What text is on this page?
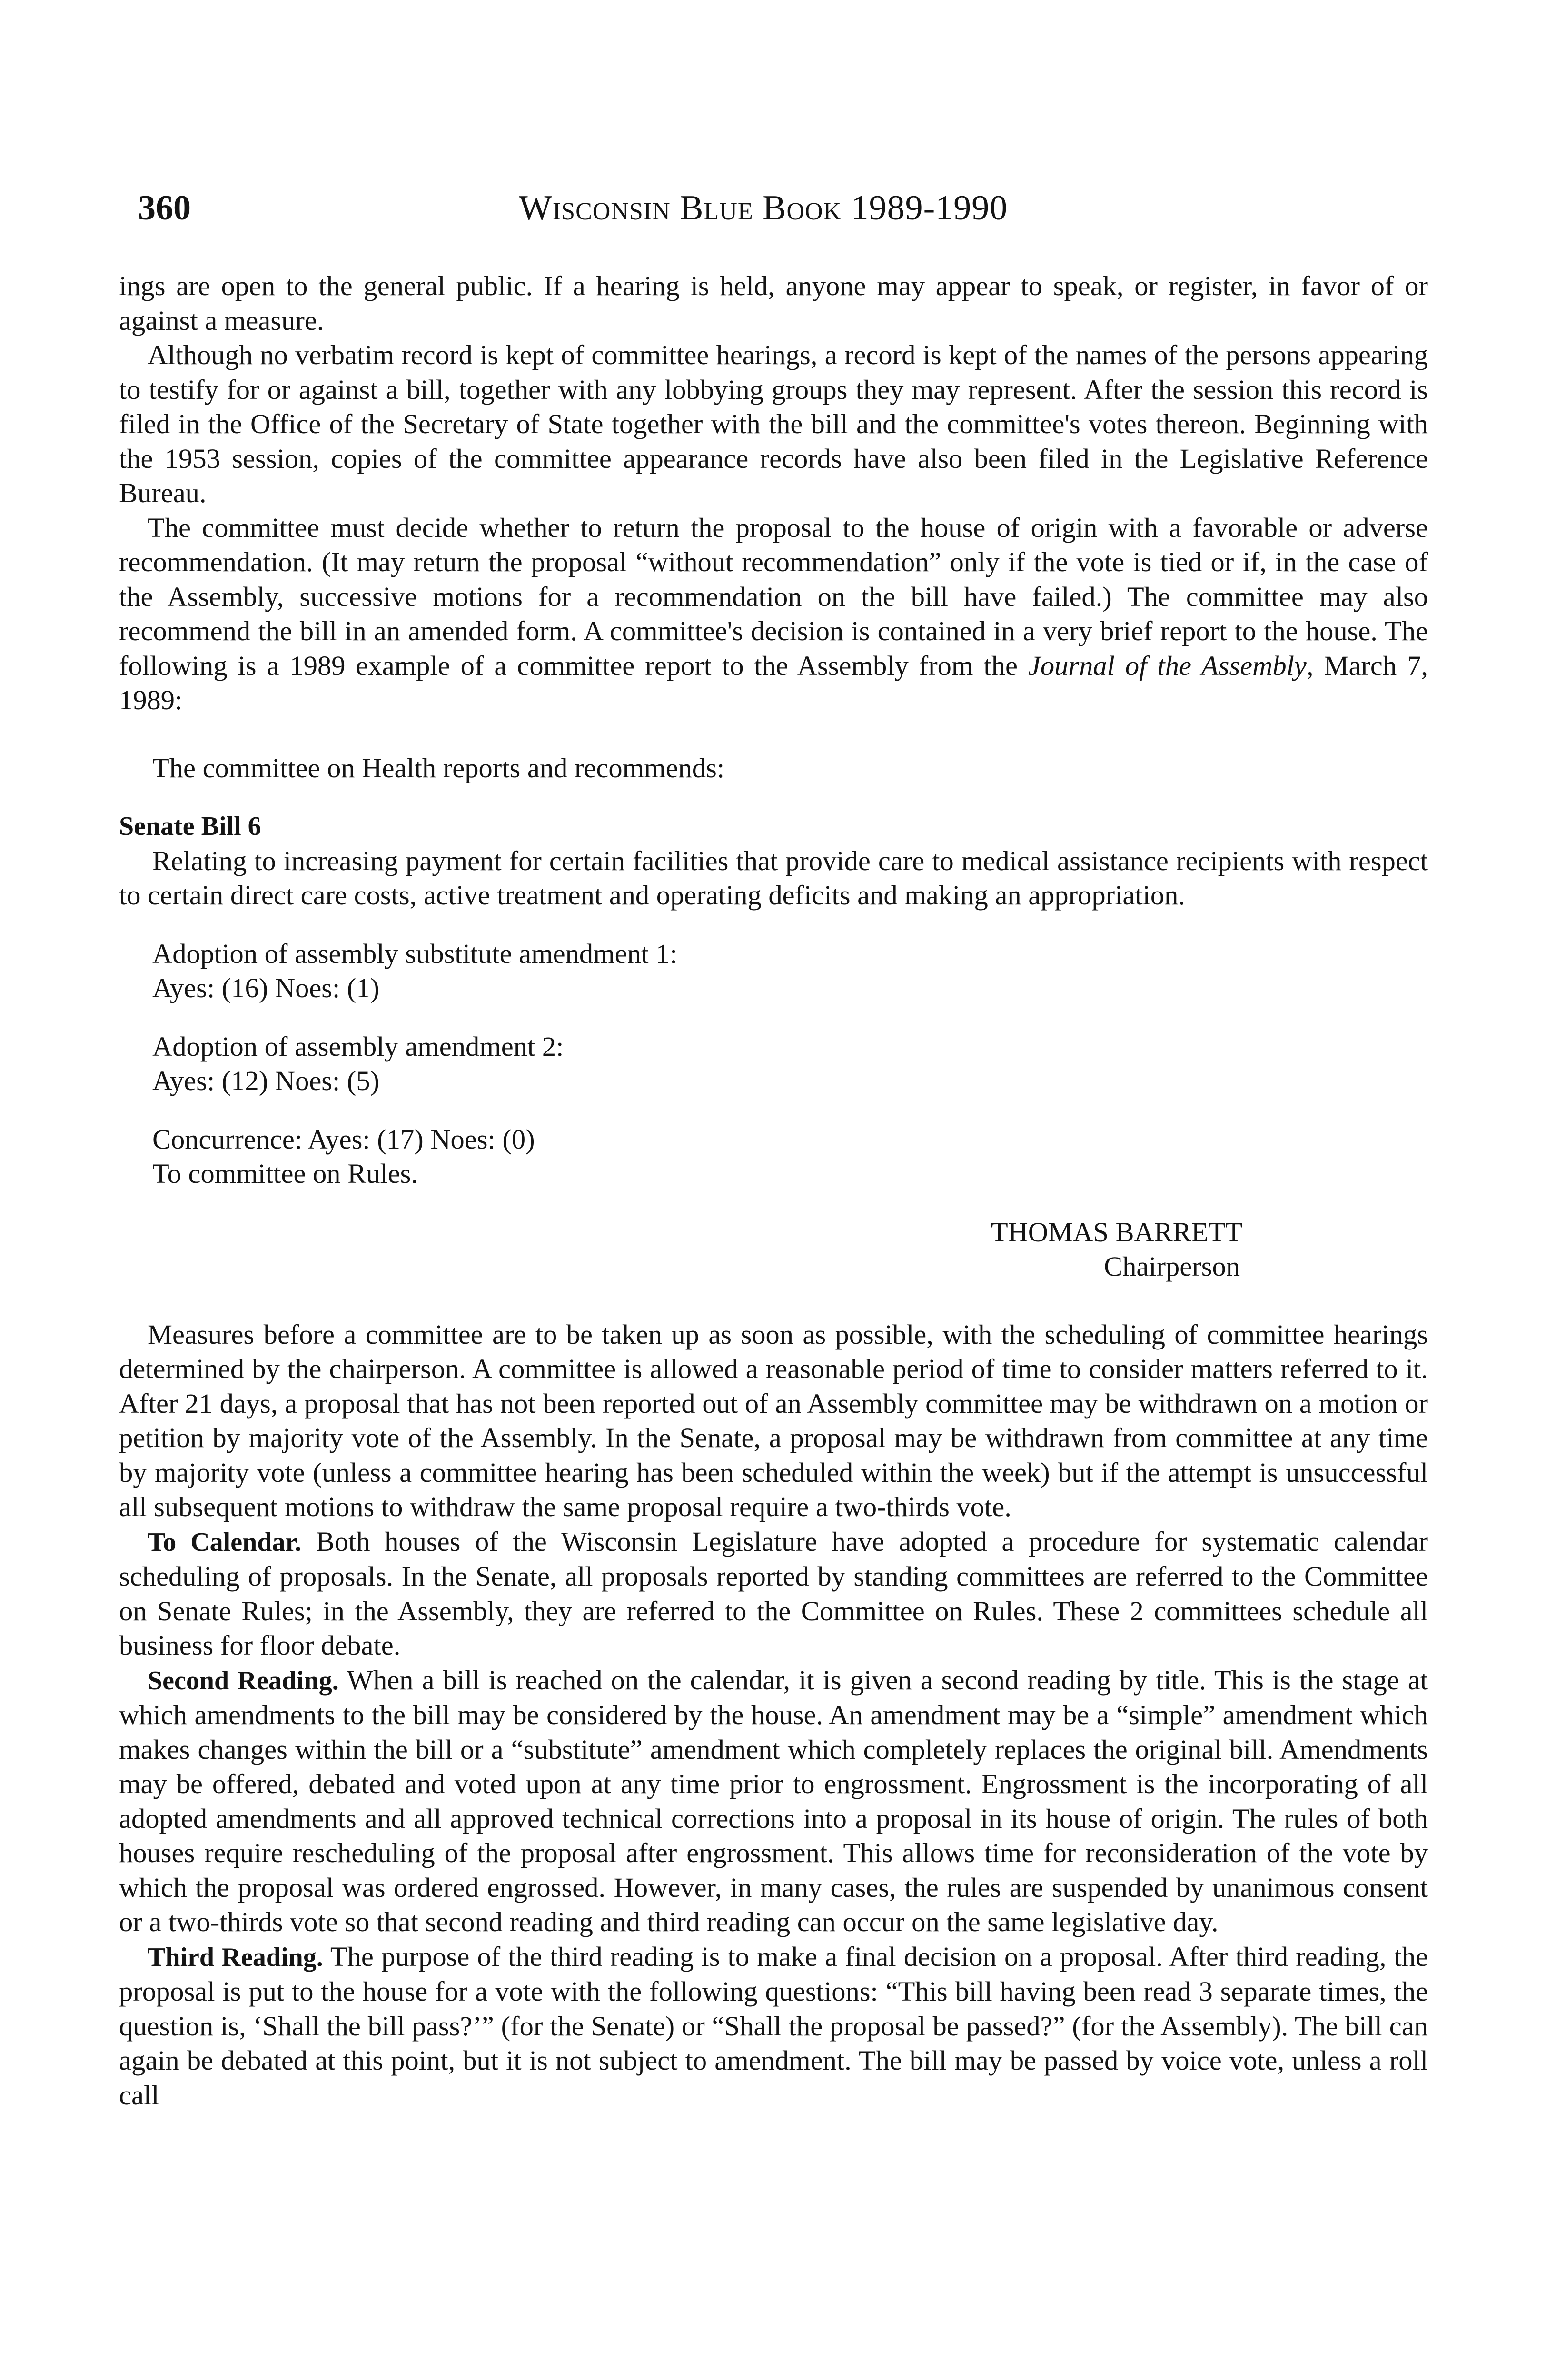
360	Wisconsin Blue Book 1989-1990

ings are open to the general public. If a hearing is held, anyone may appear to speak, or register, in favor of or against a measure.

Although no verbatim record is kept of committee hearings, a record is kept of the names of the persons appearing to testify for or against a bill, together with any lobbying groups they may represent. After the session this record is filed in the Office of the Secretary of State together with the bill and the committee's votes thereon. Beginning with the 1953 session, copies of the committee appearance records have also been filed in the Legislative Reference Bureau.

The committee must decide whether to return the proposal to the house of origin with a favorable or adverse recommendation. (It may return the proposal “without recommendation” only if the vote is tied or if, in the case of the Assembly, successive motions for a recommendation on the bill have failed.) The committee may also recommend the bill in an amended form. A committee's decision is contained in a very brief report to the house. The following is a 1989 example of a committee report to the Assembly from the Journal of the Assembly, March 7, 1989:

The committee on Health reports and recommends:

Senate Bill 6

Relating to increasing payment for certain facilities that provide care to medical assistance recipients with respect to certain direct care costs, active treatment and operating deficits and making an appropriation.

Adoption of assembly substitute amendment 1:

Ayes: (16) Noes: (1)

Adoption of assembly amendment 2:

Ayes: (12) Noes: (5)

Concurrence: Ayes: (17) Noes: (0)

To committee on Rules.

THOMAS BARRETT

Chairperson

Measures before a committee are to be taken up as soon as possible, with the scheduling of committee hearings determined by the chairperson. A committee is allowed a reasonable period of time to consider matters referred to it. After 21 days, a proposal that has not been reported out of an Assembly committee may be withdrawn on a motion or petition by majority vote of the Assembly. In the Senate, a proposal may be withdrawn from committee at any time by majority vote (unless a committee hearing has been scheduled within the week) but if the attempt is unsuccessful all subsequent motions to withdraw the same proposal require a two-thirds vote.

To Calendar. Both houses of the Wisconsin Legislature have adopted a procedure for systematic calendar scheduling of proposals. In the Senate, all proposals reported by standing committees are referred to the Committee on Senate Rules; in the Assembly, they are referred to the Committee on Rules. These 2 committees schedule all business for floor debate.

Second Reading. When a bill is reached on the calendar, it is given a second reading by title. This is the stage at which amendments to the bill may be considered by the house. An amendment may be a “simple” amendment which makes changes within the bill or a “substitute” amendment which completely replaces the original bill. Amendments may be offered, debated and voted upon at any time prior to engrossment. Engrossment is the incorporating of all adopted amendments and all approved technical corrections into a proposal in its house of origin. The rules of both houses require rescheduling of the proposal after engrossment. This allows time for reconsideration of the vote by which the proposal was ordered engrossed. However, in many cases, the rules are suspended by unanimous consent or a two-thirds vote so that second reading and third reading can occur on the same legislative day.

Third Reading. The purpose of the third reading is to make a final decision on a proposal. After third reading, the proposal is put to the house for a vote with the following questions: “This bill having been read 3 separate times, the question is, ‘Shall the bill pass?’” (for the Senate) or “Shall the proposal be passed?” (for the Assembly). The bill can again be debated at this point, but it is not subject to amendment. The bill may be passed by voice vote, unless a roll call
